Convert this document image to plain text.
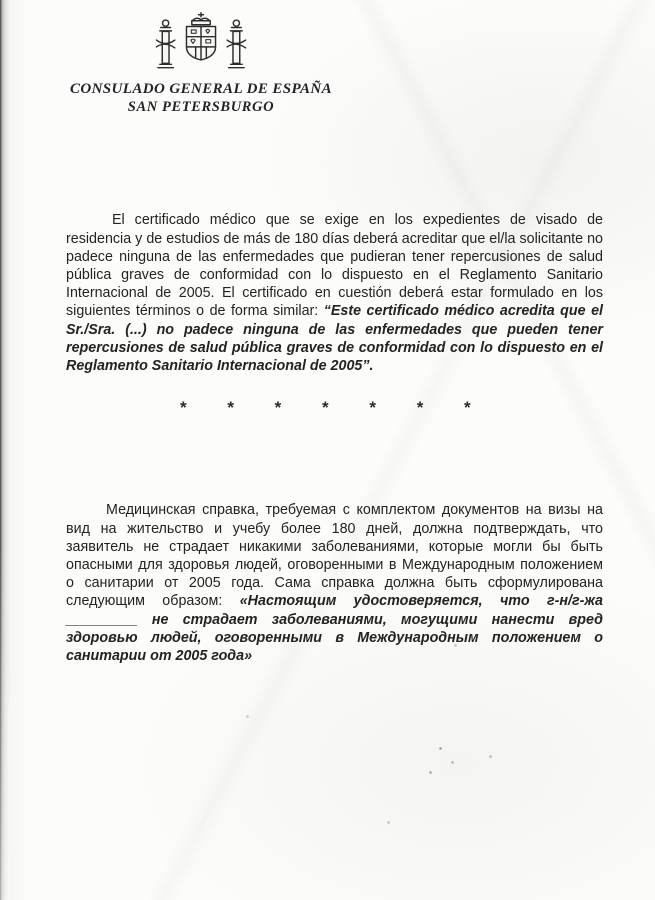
CONSULADO GENERAL DE ESPAÑA
SAN PETERSBURGO

El certificado médico que se exige en los expedientes de visado de residencia y de estudios de más de 180 días deberá acreditar que el/la solicitante no padece ninguna de las enfermedades que pudieran tener repercusiones de salud pública graves de conformidad con lo dispuesto en el Reglamento Sanitario Internacional de 2005. El certificado en cuestión deberá estar formulado en los siguientes términos o de forma similar: “Este certificado médico acredita que el Sr./Sra. (...) no padece ninguna de las enfermedades que pueden tener repercusiones de salud pública graves de conformidad con lo dispuesto en el Reglamento Sanitario Internacional de 2005”.

* * * * * * *

Медицинская справка, требуемая с комплектом документов на визы на вид на жительство и учебу более 180 дней, должна подтверждать, что заявитель не страдает никакими заболеваниями, которые могли бы быть опасными для здоровья людей, оговоренными в Международным положением о санитарии от 2005 года. Сама справка должна быть сформулирована следующим образом: «Настоящим удостоверяется, что г-н/г-жа _________ не страдает заболеваниями, могущими нанести вред здоровью людей, оговоренными в Международным положением о санитарии от 2005 года»
